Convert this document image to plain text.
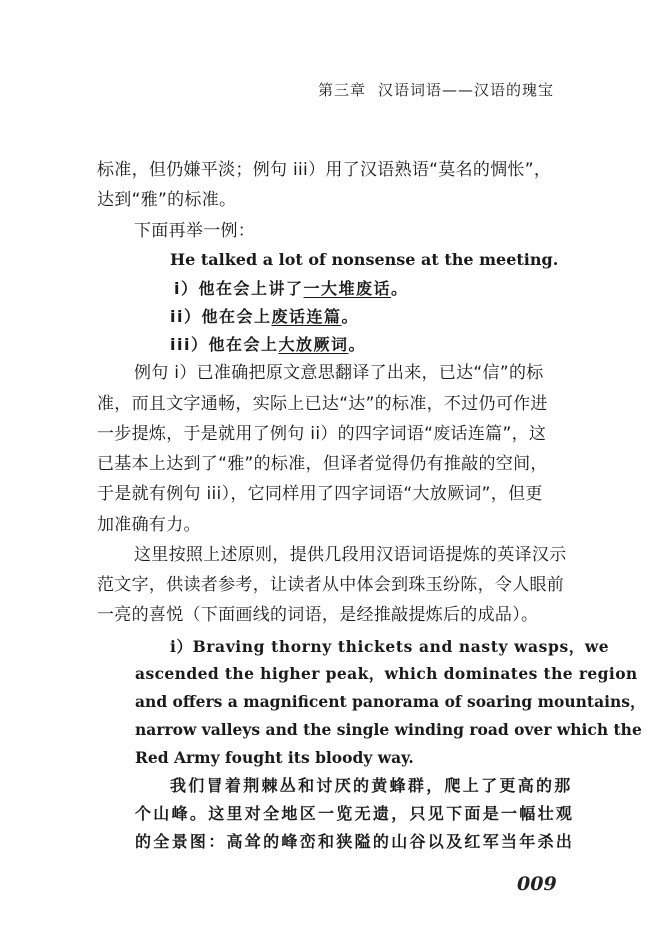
第三章 汉语词语——汉语的瑰宝
标准，但仍嫌平淡；例句 iii）用了汉语熟语“莫名的惆怅”，
达到“雅”的标准。
下面再举一例：
He talked a lot of nonsense at the meeting.
i）他在会上讲了一大堆废话。
ii）他在会上废话连篇。
iii）他在会上大放厥词。
例句 i）已准确把原文意思翻译了出来，已达“信”的标
准，而且文字通畅，实际上已达“达”的标准，不过仍可作进
一步提炼，于是就用了例句 ii）的四字词语“废话连篇”，这
已基本上达到了“雅”的标准，但译者觉得仍有推敲的空间，
于是就有例句 iii），它同样用了四字词语“大放厥词”，但更
加准确有力。
这里按照上述原则，提供几段用汉语词语提炼的英译汉示
范文字，供读者参考，让读者从中体会到珠玉纷陈，令人眼前
一亮的喜悦（下面画线的词语，是经推敲提炼后的成品）。
i）Braving thorny thickets and nasty wasps，we
ascended the higher peak，which dominates the region
and offers a magnificent panorama of soaring mountains，
narrow valleys and the single winding road over which the
Red Army fought its bloody way.
我们冒着荆棘丛和讨厌的黄蜂群，爬上了更高的那
个山峰。这里对全地区一览无遗，只见下面是一幅壮观
的全景图：高耸的峰峦和狭隘的山谷以及红军当年杀出
009
